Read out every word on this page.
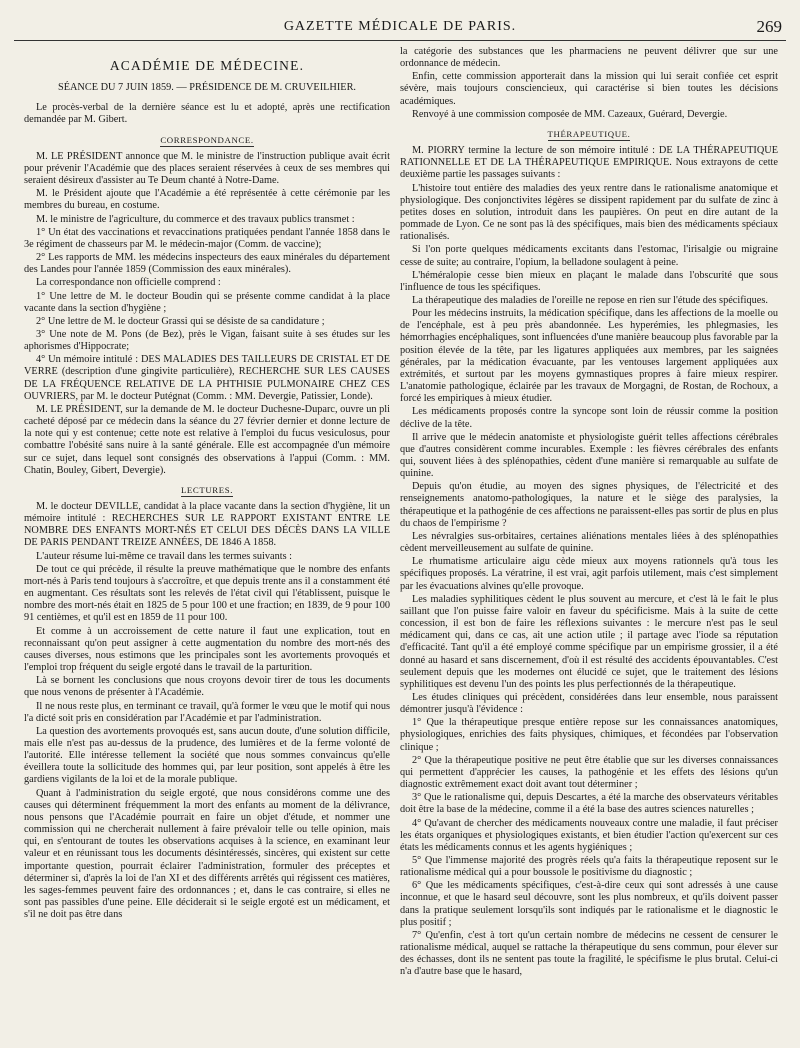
GAZETTE MÉDICALE DE PARIS.	269
ACADÉMIE DE MÉDECINE.
SÉANCE DU 7 JUIN 1859. — PRÉSIDENCE DE M. CRUVEILHIER.

Le procès-verbal de la dernière séance est lu et adopté, après une rectification demandée par M. Gibert.

CORRESPONDANCE.

M. LE PRÉSIDENT annonce que M. le ministre de l'instruction publique avait écrit pour prévenir l'Académie que des places seraient réservées à ceux de ses membres qui seraient désireux d'assister au Te Deum chanté à Notre-Dame.

M. le Président ajoute que l'Académie a été représentée à cette cérémonie par les membres du bureau, en costume.

M. le ministre de l'agriculture, du commerce et des travaux publics transmet :

1° Un état des vaccinations et revaccinations pratiquées pendant l'année 1858 dans le 3e régiment de chasseurs par M. le médecin-major (Comm. de vaccine);

2° Les rapports de MM. les médecins inspecteurs des eaux minérales du département des Landes pour l'année 1859 (Commission des eaux minérales).

La correspondance non officielle comprend :

1° Une lettre de M. le docteur Boudin qui se présente comme candidat à la place vacante dans la section d'hygiène ;

2° Une lettre de M. le docteur Grassi qui se désiste de sa candidature ;

3° Une note de M. Pons (de Bez), près le Vigan, faisant suite à ses études sur les aphorismes d'Hippocrate;

4° Un mémoire intitulé : DES MALADIES DES TAILLEURS DE CRISTAL ET DE VERRE (description d'une gingivite particulière), RECHERCHE SUR LES CAUSES DE LA FRÉQUENCE RELATIVE DE LA PHTHISIE PULMONAIRE CHEZ CES OUVRIERS, par M. le docteur Putégnat (Comm. : MM. Devergie, Patissier, Londe).

M. LE PRÉSIDENT, sur la demande de M. le docteur Duchesne-Duparc, ouvre un pli cacheté déposé par ce médecin dans la séance du 27 février dernier et donne lecture de la note qui y est contenue; cette note est relative à l'emploi du fucus vesiculosus, pour combattre l'obésité sans nuire à la santé générale. Elle est accompagnée d'un mémoire sur ce sujet, dans lequel sont consignés des observations à l'appui (Comm. : MM. Chatin, Bouley, Gibert, Devergie).

LECTURES.

M. le docteur DEVILLE, candidat à la place vacante dans la section d'hygiène, lit un mémoire intitulé : RECHERCHES SUR LE RAPPORT EXISTANT ENTRE LE NOMBRE DES ENFANTS MORT-NÉS ET CELUI DES DÉCÈS DANS LA VILLE DE PARIS PENDANT TREIZE ANNÉES, DE 1846 A 1858.

L'auteur résume lui-même ce travail dans les termes suivants :

De tout ce qui précède, il résulte la preuve mathématique que le nombre des enfants mort-nés à Paris tend toujours à s'accroître, et que depuis trente ans il a constamment été en augmentant. Ces résultats sont les relevés de l'état civil qui l'établissent, puisque le nombre des mort-nés était en 1825 de 5 pour 100 et une fraction; en 1839, de 9 pour 100 91 centièmes, et qu'il est en 1859 de 11 pour 100.

Et comme à un accroissement de cette nature il faut une explication, tout en reconnaissant qu'on peut assigner à cette augmentation du nombre des mort-nés des causes diverses, nous estimons que les principales sont les avortements provoqués et l'emploi trop fréquent du seigle ergoté dans le travail de la parturition.

Là se bornent les conclusions que nous croyons devoir tirer de tous les documents que nous venons de présenter à l'Académie.

Il ne nous reste plus, en terminant ce travail, qu'à former le vœu que le motif qui nous l'a dicté soit pris en considération par l'Académie et par l'administration.

La question des avortements provoqués est, sans aucun doute, d'une solution difficile, mais elle n'est pas au-dessus de la prudence, des lumières et de la ferme volonté de l'autorité. Elle intéresse tellement la société que nous sommes convaincus qu'elle éveillera toute la sollicitude des hommes qui, par leur position, sont appelés à être les gardiens vigilants de la loi et de la morale publique.

Quant à l'administration du seigle ergoté, que nous considérons comme une des causes qui déterminent fréquemment la mort des enfants au moment de la délivrance, nous pensons que l'Académie pourrait en faire un objet d'étude, et nommer une commission qui ne chercherait nullement à faire prévaloir telle ou telle opinion, mais qui, en s'entourant de toutes les observations acquises à la science, en examinant leur valeur et en réunissant tous les documents désintéressés, sincères, qui existent sur cette importante question, pourrait éclairer l'administration, formuler des préceptes et déterminer si, d'après la loi de l'an XI et des différents arrêtés qui régissent ces matières, les sages-femmes peuvent faire des ordonnances ; et, dans le cas contraire, si elles ne sont pas passibles d'une peine. Elle déciderait si le seigle ergoté est un médicament, et s'il ne doit pas être dans

la catégorie des substances que les pharmaciens ne peuvent délivrer que sur une ordonnance de médecin.

Enfin, cette commission apporterait dans la mission qui lui serait confiée cet esprit sévère, mais toujours consciencieux, qui caractérise si bien toutes les décisions académiques.

Renvoyé à une commission composée de MM. Cazeaux, Guérard, Devergie.

THÉRAPEUTIQUE.

M. PIORRY termine la lecture de son mémoire intitulé : DE LA THÉRAPEUTIQUE RATIONNELLE ET DE LA THÉRAPEUTIQUE EMPIRIQUE. Nous extrayons de cette deuxième partie les passages suivants :

L'histoire tout entière des maladies des yeux rentre dans le rationalisme anatomique et physiologique. Des conjonctivites légères se dissipent rapidement par du sulfate de zinc à petites doses en solution, introduit dans les paupières. On peut en dire autant de la pommade de Lyon. Ce ne sont pas là des spécifiques, mais bien des médicaments spéciaux rationalisés.

Si l'on porte quelques médicaments excitants dans l'estomac, l'irisalgie ou migraine cesse de suite; au contraire, l'opium, la belladone soulagent à peine.

L'héméralopie cesse bien mieux en plaçant le malade dans l'obscurité que sous l'influence de tous les spécifiques.

La thérapeutique des maladies de l'oreille ne repose en rien sur l'étude des spécifiques.

Pour les médecins instruits, la médication spécifique, dans les affections de la moelle ou de l'encéphale, est à peu près abandonnée. Les hyperémies, les phlegmasies, les hémorrhagies encéphaliques, sont influencées d'une manière beaucoup plus favorable par la position élevée de la tête, par les ligatures appliquées aux membres, par les saignées générales, par la médication évacuante, par les ventouses largement appliquées aux extrémités, et surtout par les moyens gymnastiques propres à faire mieux respirer. L'anatomie pathologique, éclairée par les travaux de Morgagni, de Rostan, de Rochoux, a forcé les empiriques à mieux étudier.

Les médicaments proposés contre la syncope sont loin de réussir comme la position déclive de la tête.

Il arrive que le médecin anatomiste et physiologiste guérit telles affections cérébrales que d'autres considèrent comme incurables. Exemple : les fièvres cérébrales des enfants qui, souvent liées à des splénopathies, cèdent d'une manière si remarquable au sulfate de quinine.

Depuis qu'on étudie, au moyen des signes physiques, de l'électricité et des renseignements anatomo-pathologiques, la nature et le siège des paralysies, la thérapeutique et la pathogénie de ces affections ne paraissent-elles pas sortir de plus en plus du chaos de l'empirisme ?

Les névralgies sus-orbitaires, certaines aliénations mentales liées à des splénopathies cèdent merveilleusement au sulfate de quinine.

Le rhumatisme articulaire aigu cède mieux aux moyens rationnels qu'à tous les spécifiques proposés. La vératrine, il est vrai, agit parfois utilement, mais c'est simplement par les évacuations alvines qu'elle provoque.

Les maladies syphilitiques cèdent le plus souvent au mercure, et c'est là le fait le plus saillant que l'on puisse faire valoir en faveur du spécificisme. Mais à la suite de cette concession, il est bon de faire les réflexions suivantes : le mercure n'est pas le seul médicament qui, dans ce cas, ait une action utile ; il partage avec l'iode sa réputation d'efficacité. Tant qu'il a été employé comme spécifique par un empirisme grossier, il a été donné au hasard et sans discernement, d'où il est résulté des accidents épouvantables. C'est seulement depuis que les modernes ont élucidé ce sujet, que le traitement des lésions syphilitiques est devenu l'un des points les plus perfectionnés de la thérapeutique.

Les études cliniques qui précèdent, considérées dans leur ensemble, nous paraissent démontrer jusqu'à l'évidence :

1° Que la thérapeutique presque entière repose sur les connaissances anatomiques, physiologiques, enrichies des faits physiques, chimiques, et fécondées par l'observation clinique ;

2° Que la thérapeutique positive ne peut être établie que sur les diverses connaissances qui permettent d'apprécier les causes, la pathogénie et les effets des lésions qu'un diagnostic extrêmement exact doit avant tout déterminer ;

3° Que le rationalisme qui, depuis Descartes, a été la marche des observateurs véritables doit être la base de la médecine, comme il a été la base des autres sciences naturelles ;

4° Qu'avant de chercher des médicaments nouveaux contre une maladie, il faut préciser les états organiques et physiologiques existants, et bien étudier l'action qu'exercent sur ces états les médicaments connus et les agents hygiéniques ;

5° Que l'immense majorité des progrès réels qu'a faits la thérapeutique reposent sur le rationalisme médical qui a pour boussole le positivisme du diagnostic ;

6° Que les médicaments spécifiques, c'est-à-dire ceux qui sont adressés à une cause inconnue, et que le hasard seul découvre, sont les plus nombreux, et qu'ils doivent passer dans la pratique seulement lorsqu'ils sont indiqués par le rationalisme et le diagnostic le plus positif ;

7° Qu'enfin, c'est à tort qu'un certain nombre de médecins ne cessent de censurer le rationalisme médical, auquel se rattache la thérapeutique du sens commun, pour élever sur des échasses, dont ils ne sentent pas toute la fragilité, le spécifisme le plus brutal. Celui-ci n'a d'autre base que le hasard,
